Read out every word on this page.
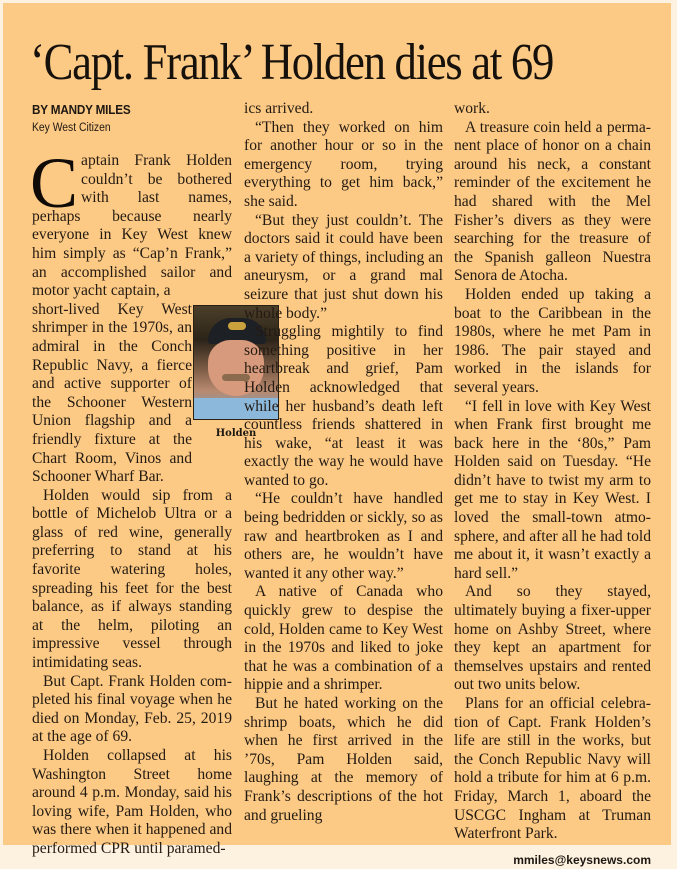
‘Capt. Frank’ Holden dies at 69
BY MANDY MILES
Key West Citizen

Captain Frank Holden couldn’t be bothered with last names, perhaps because nearly everyone in Key West knew him simply as “Cap’n Frank,” an accomplished sailor and motor yacht captain, a

short-lived Key West shrimper in the 1970s, an admiral in the Conch Republic Navy, a fierce and active supporter of the Schooner Western Union flagship and a friendly fixture at the Chart Room, Vinos and Schooner Wharf Bar.

Holden would sip from a bottle of Michelob Ultra or a glass of red wine, generally preferring to stand at his favorite watering holes, spreading his feet for the best balance, as if always standing at the helm, piloting an impressive vessel through intimidating seas.

But Capt. Frank Holden completed his final voyage when he died on Monday, Feb. 25, 2019 at the age of 69.

Holden collapsed at his Washington Street home around 4 p.m. Monday, said his loving wife, Pam Holden, who was there when it happened and performed CPR until paramed-

Holden

ics arrived.

“Then they worked on him for another hour or so in the emergency room, trying everything to get him back,” she said.

“But they just couldn’t. The doctors said it could have been a variety of things, including an aneurysm, or a grand mal seizure that just shut down his whole body.”

Struggling mightily to find something positive in her heartbreak and grief, Pam Holden acknowledged that while her husband’s death left countless friends shattered in his wake, “at least it was exactly the way he would have wanted to go.

“He couldn’t have handled being bedridden or sickly, so as raw and heartbroken as I and others are, he wouldn’t have wanted it any other way.”

A native of Canada who quickly grew to despise the cold, Holden came to Key West in the 1970s and liked to joke that he was a combination of a hippie and a shrimper.

But he hated working on the shrimp boats, which he did when he first arrived in the ’70s, Pam Holden said, laughing at the memory of Frank’s descriptions of the hot and grueling

work.

A treasure coin held a permanent place of honor on a chain around his neck, a constant reminder of the excitement he had shared with the Mel Fisher’s divers as they were searching for the treasure of the Spanish galleon Nuestra Senora de Atocha.

Holden ended up taking a boat to the Caribbean in the 1980s, where he met Pam in 1986. The pair stayed and worked in the islands for several years.

“I fell in love with Key West when Frank first brought me back here in the ‘80s,” Pam Holden said on Tuesday. “He didn’t have to twist my arm to get me to stay in Key West. I loved the small-town atmosphere, and after all he had told me about it, it wasn’t exactly a hard sell.”

And so they stayed, ultimately buying a fixer-upper home on Ashby Street, where they kept an apartment for themselves upstairs and rented out two units below.

Plans for an official celebration of Capt. Frank Holden’s life are still in the works, but the Conch Republic Navy will hold a tribute for him at 6 p.m. Friday, March 1, aboard the USCGC Ingham at Truman Waterfront Park.

mmiles@keysnews.com
